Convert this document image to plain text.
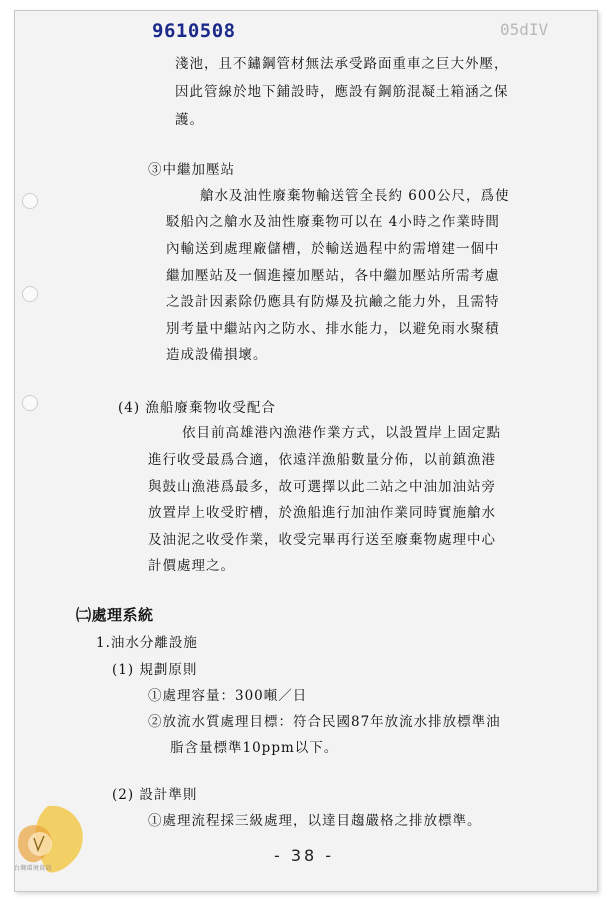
05dIV
9610508
淺池，且不鏽鋼管材無法承受路面重車之巨大外壓，
因此管線於地下鋪設時，應設有鋼筋混凝土箱涵之保
護。
③中繼加壓站
艙水及油性廢棄物輸送管全長約 600公尺，爲使
駁船內之艙水及油性廢棄物可以在 4小時之作業時間
內輸送到處理廠儲槽，於輸送過程中約需增建一個中
繼加壓站及一個進擡加壓站，各中繼加壓站所需考慮
之設計因素除仍應具有防爆及抗鹼之能力外，且需特
別考量中繼站內之防水、排水能力，以避免雨水聚積
造成設備損壞。
(4) 漁船廢棄物收受配合
依目前高雄港內漁港作業方式，以設置岸上固定點
進行收受最爲合適，依遠洋漁船數量分佈，以前鎮漁港
與鼓山漁港爲最多，故可選擇以此二站之中油加油站旁
放置岸上收受貯槽，於漁船進行加油作業同時實施艙水
及油泥之收受作業，收受完畢再行送至廢棄物處理中心
計價處理之。
㈡處理系統
1.油水分離設施
(1) 規劃原則
①處理容量：300噸／日
②放流水質處理目標：符合民國87年放流水排放標準油
脂含量標準10ppm以下。
(2) 設計準則
①處理流程採三級處理，以達目趨嚴格之排放標準。
- 38 -
台灣環境資訊
